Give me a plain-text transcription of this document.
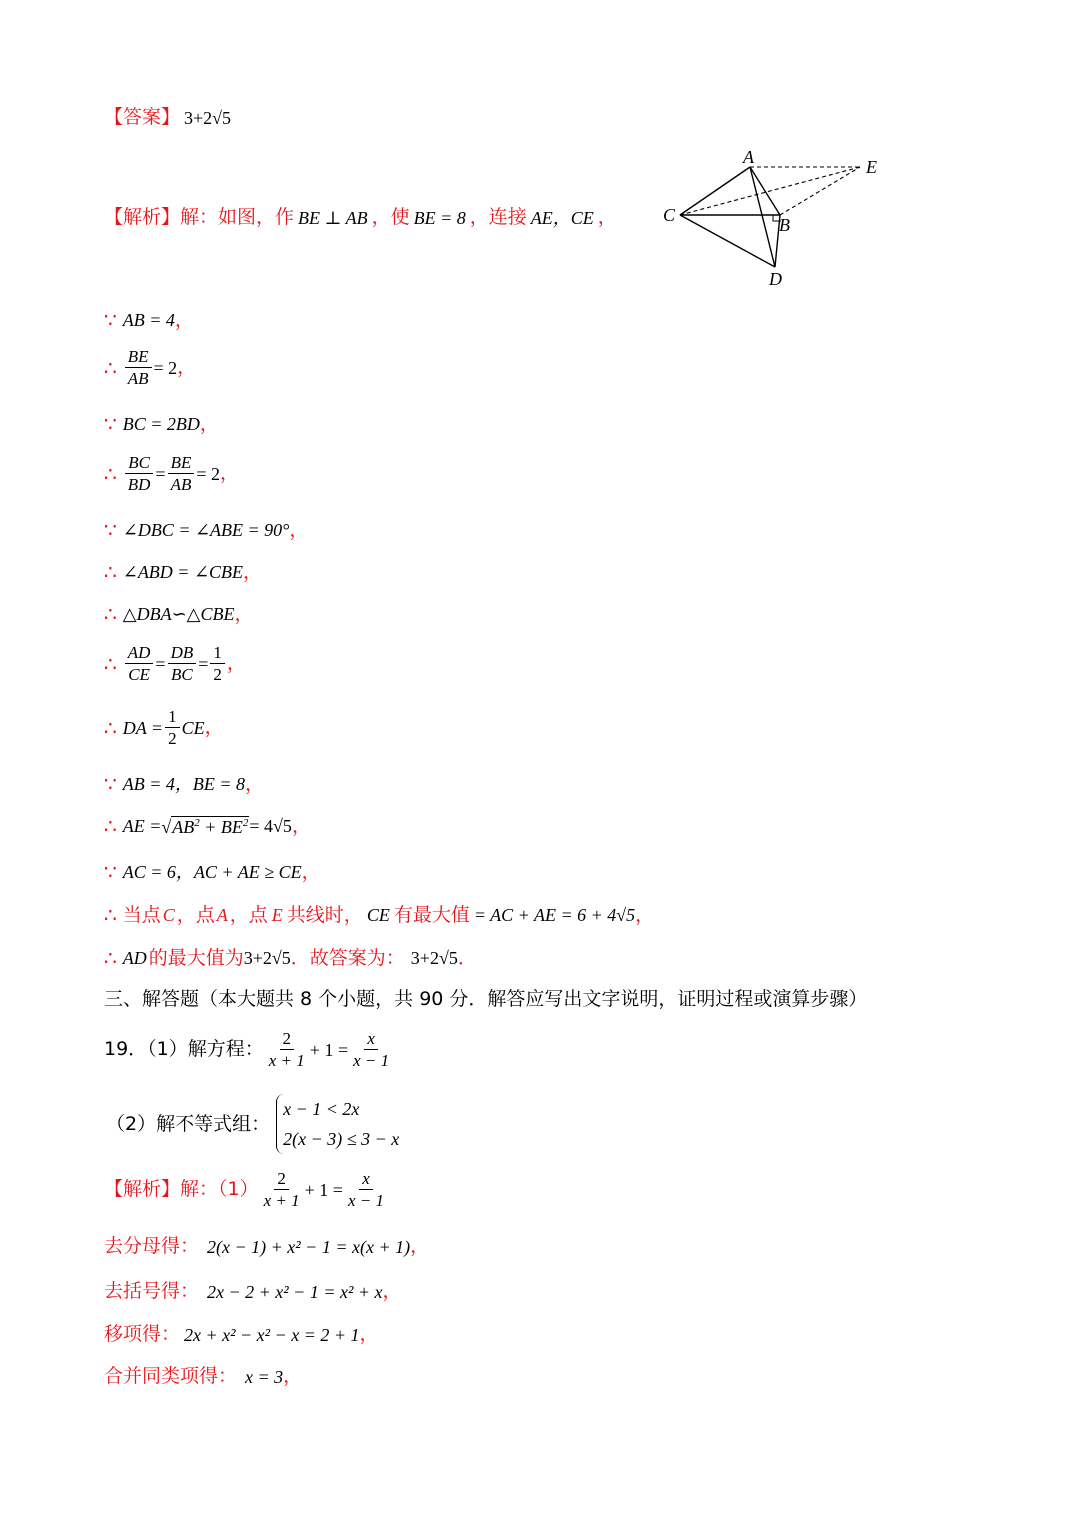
【答案】 3+2√5
【解析】 解：如图，作 BE ⊥ AB ，使 BE = 8 ，连接 AE，CE ，
A
B
C
D
E
∵ AB = 4 ，
∴ $\frac{BE}{AB} = 2$ ，
∵ BC = 2BD ，
∴ $\frac{BC}{BD} = \frac{BE}{AB} = 2$ ，
∵ ∠DBC = ∠ABE = 90° ，
∴ ∠ABD = ∠CBE ，
∴ △DBA∽△CBE ，
∴ $\frac{AD}{CE} = \frac{DB}{BC} = \frac{1}{2}$ ，
∴ DA = $\frac{1}{2}$ CE ，
∵ AB = 4，BE = 8 ，
∴ AE = √ $AB^2 + BE^2 = 4√5$ ，
∵ AC = 6，AC + AE ≥ CE ，
∴ 当点 C ，点 A ，点 E 共线时， CE 有最大值 = AC + AE = 6 + 4√5 ，
∴ AD 的最大值为 3+2√5 ．故答案为： 3+2√5 ．
三、解答题（本大题共 8 个小题，共 90 分．解答应写出文字说明，证明过程或演算步骤）
19．（1）解方程： $\frac{2}{x + 1} + 1 = \frac{x}{x - 1}$
（2）解不等式组：
x − 1 < 2x
2(x − 3) ≤ 3 − x
【解析】 解：$(1) \frac{2}{x + 1} + 1 = \frac{x}{x - 1}$
去分母得： 2(x − 1) + x² − 1 = x(x + 1) ，
去括号得： 2x − 2 + x² − 1 = x² + x ，
移项得： 2x + x² − x² − x = 2 + 1 ，
合并同类项得： x = 3 ，
